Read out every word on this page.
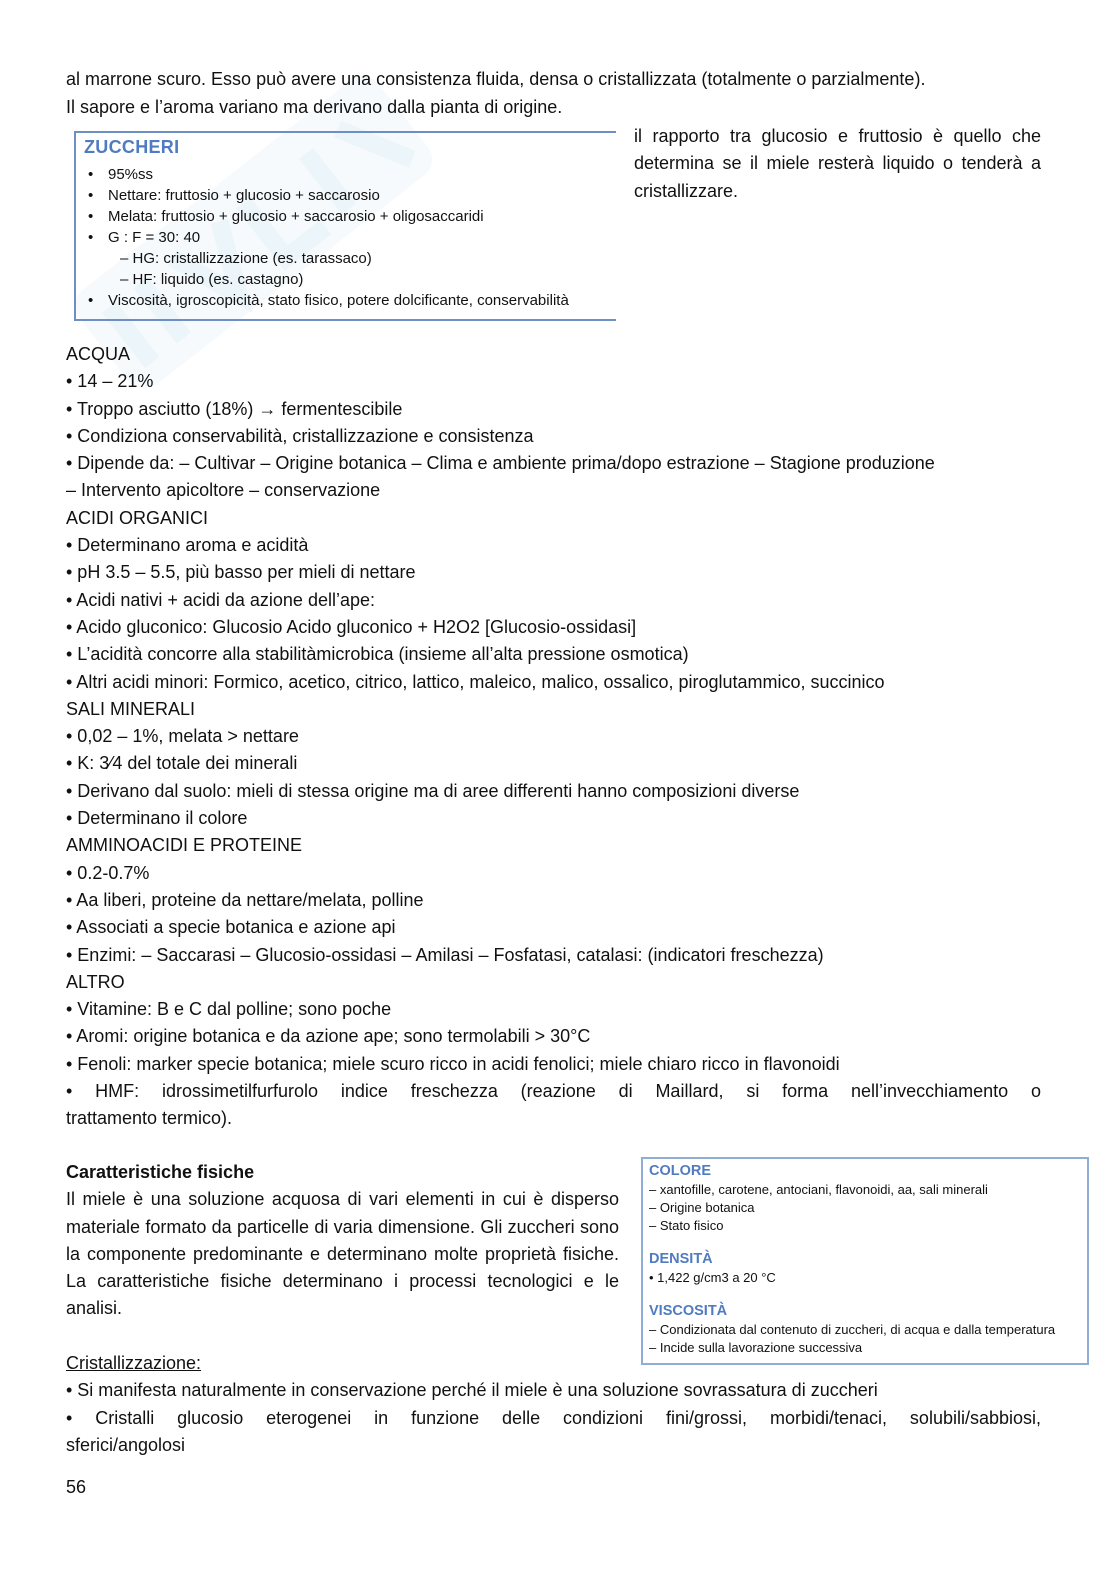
al marrone scuro. Esso può avere una consistenza fluida, densa o cristallizzata (totalmente o parzialmente).
Il sapore e l’aroma variano ma derivano dalla pianta di origine.
ZUCCHERI
• 95%ss
• Nettare: fruttosio + glucosio + saccarosio
• Melata: fruttosio + glucosio + saccarosio + oligosaccaridi
• G : F = 30: 40
– HG: cristallizzazione (es. tarassaco)
– HF: liquido (es. castagno)
• Viscosità, igroscopicità, stato fisico, potere dolcificante, conservabilità
il rapporto tra glucosio e fruttosio è quello che determina se il miele resterà liquido o tenderà a cristallizzare.
ACQUA
• 14 – 21%
• Troppo asciutto (18%) → fermentescibile
• Condiziona conservabilità, cristallizzazione e consistenza
• Dipende da: – Cultivar – Origine botanica – Clima e ambiente prima/dopo estrazione – Stagione produzione
– Intervento apicoltore – conservazione
ACIDI ORGANICI
• Determinano aroma e acidità
• pH 3.5 – 5.5, più basso per mieli di nettare
• Acidi nativi + acidi da azione dell’ape:
• Acido gluconico: Glucosio Acido gluconico + H2O2 [Glucosio-ossidasi]
• L’acidità concorre alla stabilitàmicrobica (insieme all’alta pressione osmotica)
• Altri acidi minori: Formico, acetico, citrico, lattico, maleico, malico, ossalico, piroglutammico, succinico
SALI MINERALI
• 0,02 – 1%, melata > nettare
• K: 3⁄4 del totale dei minerali
• Derivano dal suolo: mieli di stessa origine ma di aree differenti hanno composizioni diverse
• Determinano il colore
AMMINOACIDI E PROTEINE
• 0.2-0.7%
• Aa liberi, proteine da nettare/melata, polline
• Associati a specie botanica e azione api
• Enzimi: – Saccarasi – Glucosio-ossidasi – Amilasi – Fosfatasi, catalasi: (indicatori freschezza)
ALTRO
• Vitamine: B e C dal polline; sono poche
• Aromi: origine botanica e da azione ape; sono termolabili > 30°C
• Fenoli: marker specie botanica; miele scuro ricco in acidi fenolici; miele chiaro ricco in flavonoidi
• HMF: idrossimetilfurfurolo indice freschezza (reazione di Maillard, si forma nell’invecchiamento o
trattamento termico).
Caratteristiche fisiche
Il miele è una soluzione acquosa di vari elementi in cui è disperso materiale formato da particelle di varia dimensione. Gli zuccheri sono la componente predominante e determinano molte proprietà fisiche. La caratteristiche fisiche determinano i processi tecnologici e le analisi.
COLORE
– xantofille, carotene, antociani, flavonoidi, aa, sali minerali
– Origine botanica
– Stato fisico
DENSITÀ
• 1,422 g/cm3 a 20 °C
VISCOSITÀ
– Condizionata dal contenuto di zuccheri, di acqua e dalla temperatura
– Incide sulla lavorazione successiva
Cristallizzazione:
• Si manifesta naturalmente in conservazione perché il miele è una soluzione sovrassatura di zuccheri
• Cristalli glucosio eterogenei in funzione delle condizioni fini/grossi, morbidi/tenaci, solubili/sabbiosi,
sferici/angolosi
56
